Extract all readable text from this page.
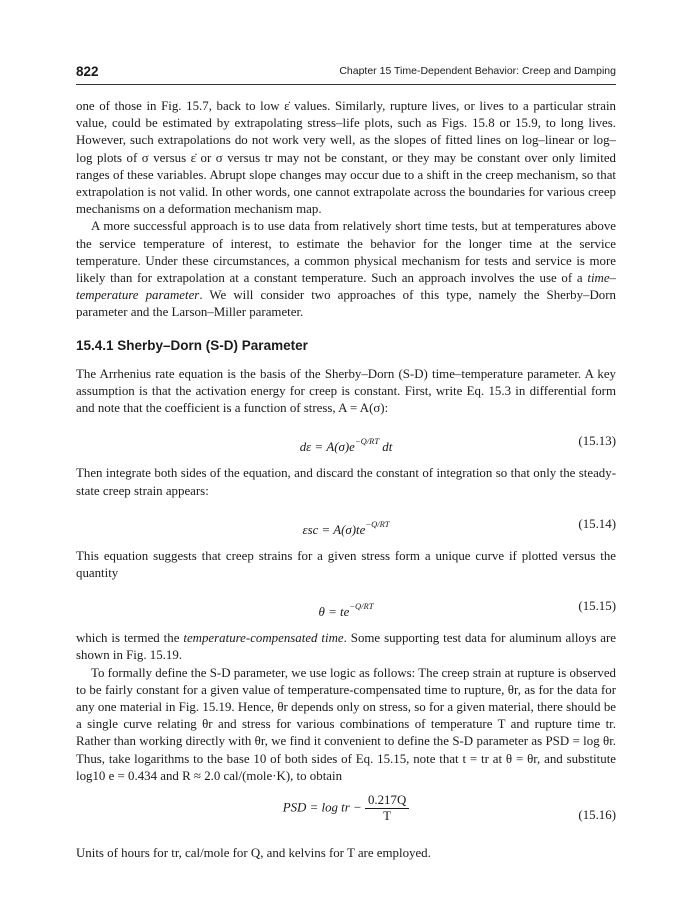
822	Chapter 15 Time-Dependent Behavior: Creep and Damping

one of those in Fig. 15.7, back to low ε̇ values. Similarly, rupture lives, or lives to a particular strain value, could be estimated by extrapolating stress–life plots, such as Figs. 15.8 or 15.9, to long lives. However, such extrapolations do not work very well, as the slopes of fitted lines on log–linear or log–log plots of σ versus ε̇ or σ versus tr may not be constant, or they may be constant over only limited ranges of these variables. Abrupt slope changes may occur due to a shift in the creep mechanism, so that extrapolation is not valid. In other words, one cannot extrapolate across the boundaries for various creep mechanisms on a deformation mechanism map.

A more successful approach is to use data from relatively short time tests, but at temperatures above the service temperature of interest, to estimate the behavior for the longer time at the service temperature. Under these circumstances, a common physical mechanism for tests and service is more likely than for extrapolation at a constant temperature. Such an approach involves the use of a time–temperature parameter. We will consider two approaches of this type, namely the Sherby–Dorn parameter and the Larson–Miller parameter.

15.4.1 Sherby–Dorn (S-D) Parameter

The Arrhenius rate equation is the basis of the Sherby–Dorn (S-D) time–temperature parameter. A key assumption is that the activation energy for creep is constant. First, write Eq. 15.3 in differential form and note that the coefficient is a function of stress, A = A(σ):

$d\varepsilon = A(\sigma)e^{-Q/RT}$ dt	(15.13)

Then integrate both sides of the equation, and discard the constant of integration so that only the steady-state creep strain appears:

$\varepsilon sc = A(\sigma)te^{-Q/RT}$	(15.14)

This equation suggests that creep strains for a given stress form a unique curve if plotted versus the quantity

$\theta = te^{-Q/RT}$	(15.15)

which is termed the temperature-compensated time. Some supporting test data for aluminum alloys are shown in Fig. 15.19.

To formally define the S-D parameter, we use logic as follows: The creep strain at rupture is observed to be fairly constant for a given value of temperature-compensated time to rupture, θr, as for the data for any one material in Fig. 15.19. Hence, θr depends only on stress, so for a given material, there should be a single curve relating θr and stress for various combinations of temperature T and rupture time tr. Rather than working directly with θr, we find it convenient to define the S-D parameter as PSD = log θr. Thus, take logarithms to the base 10 of both sides of Eq. 15.15, note that t = tr at θ = θr, and substitute log10 e = 0.434 and R ≈ 2.0 cal/(mole·K), to obtain

PSD = log tr − $\frac{0.217Q}{T}$	(15.16)

Units of hours for tr, cal/mole for Q, and kelvins for T are employed.
